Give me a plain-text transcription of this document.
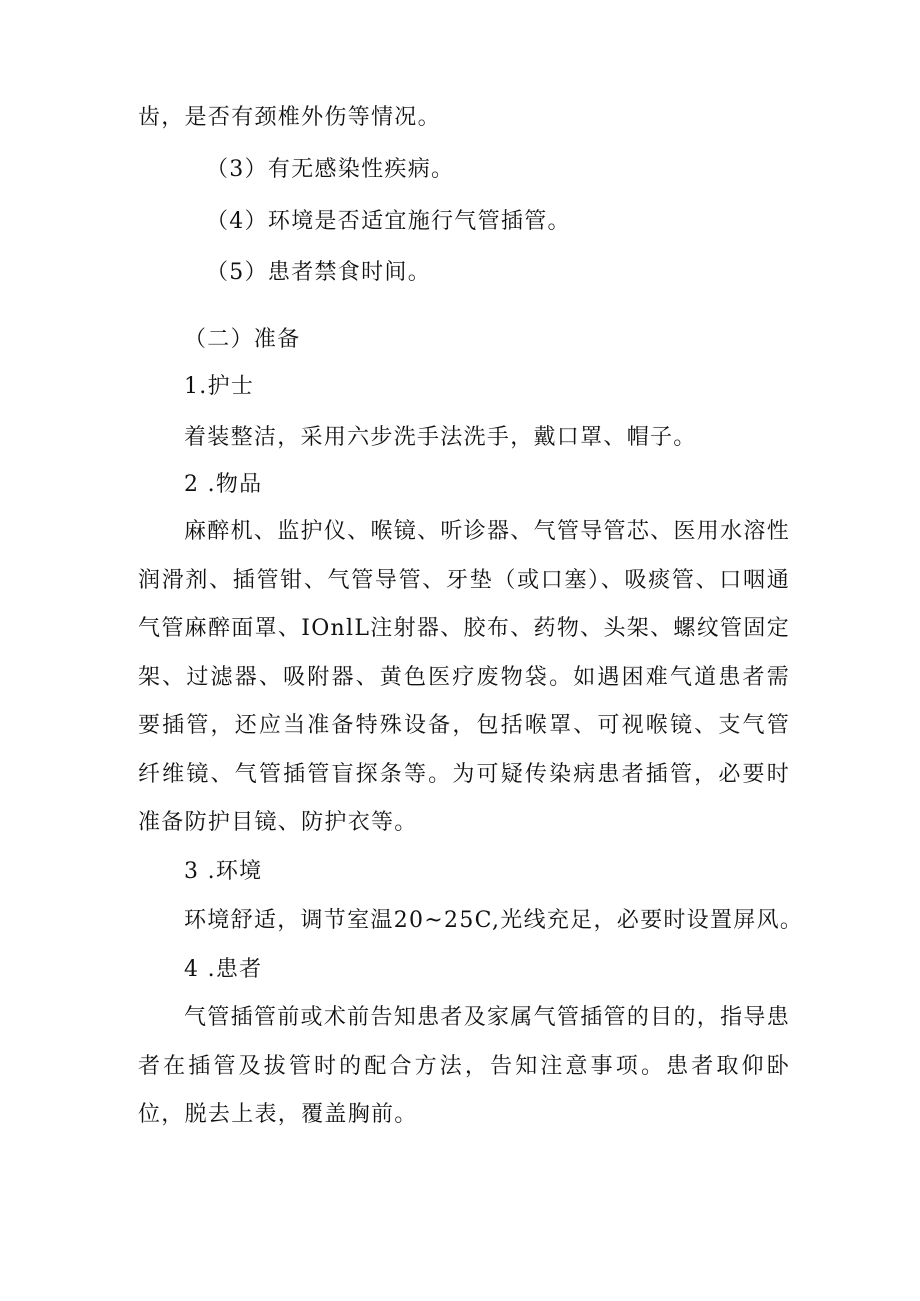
齿，是否有颈椎外伤等情况。
（3）有无感染性疾病。
（4）环境是否适宜施行气管插管。
（5）患者禁食时间。
（二）准备
1.护士
着装整洁，采用六步洗手法洗手，戴口罩、帽子。
2 .物品
麻醉机、监护仪、喉镜、听诊器、气管导管芯、医用水溶性润滑剂、插管钳、气管导管、牙垫（或口塞）、吸痰管、口咽通气管麻醉面罩、IOnlL注射器、胶布、药物、头架、螺纹管固定架、过滤器、吸附器、黄色医疗废物袋。如遇困难气道患者需要插管，还应当准备特殊设备，包括喉罩、可视喉镜、支气管纤维镜、气管插管盲探条等。为可疑传染病患者插管，必要时准备防护目镜、防护衣等。
3 .环境
环境舒适，调节室温20~25C,光线充足，必要时设置屏风。
4 .患者
气管插管前或术前告知患者及家属气管插管的目的，指导患者在插管及拔管时的配合方法，告知注意事项。患者取仰卧位，脱去上表，覆盖胸前。
